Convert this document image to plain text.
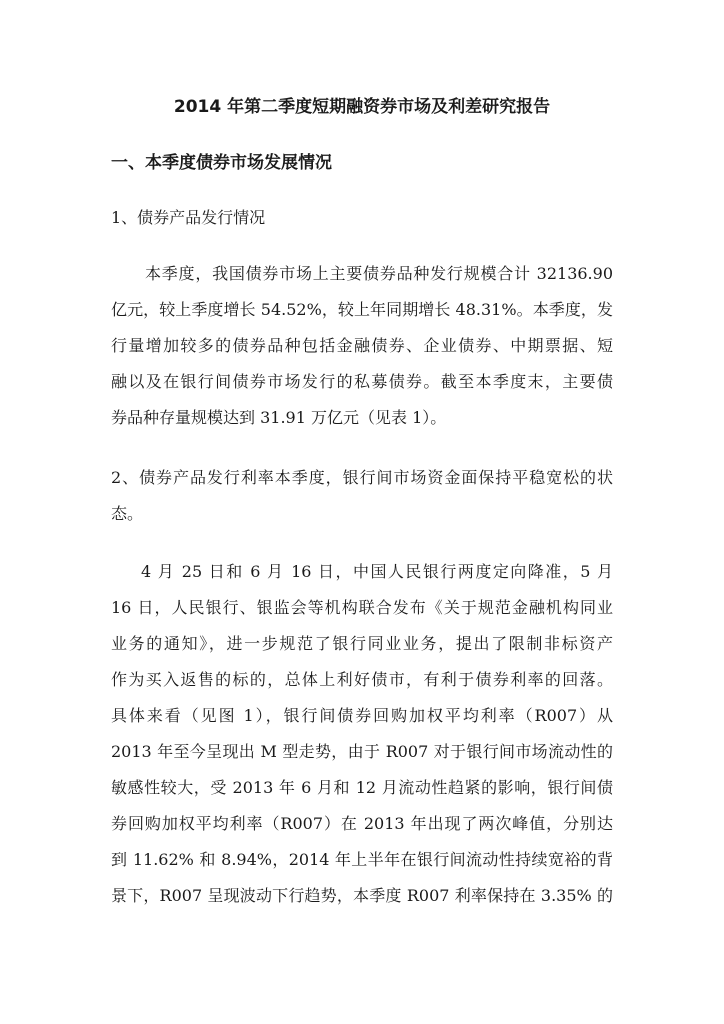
2014 年第二季度短期融资券市场及利差研究报告
一、本季度债券市场发展情况
1、债券产品发行情况
本季度，我国债券市场上主要债券品种发行规模合计 32136.90
亿元，较上季度增长 54.52%，较上年同期增长 48.31%。本季度，发
行量增加较多的债券品种包括金融债券、企业债券、中期票据、短
融以及在银行间债券市场发行的私募债券。截至本季度末，主要债
券品种存量规模达到 31.91 万亿元（见表 1）。
2、债券产品发行利率本季度，银行间市场资金面保持平稳宽松的状
态。
4 月 25 日和 6 月 16 日，中国人民银行两度定向降准，5 月
16 日，人民银行、银监会等机构联合发布《关于规范金融机构同业
业务的通知》，进一步规范了银行同业业务，提出了限制非标资产
作为买入返售的标的，总体上利好债市，有利于债券利率的回落。
具体来看（见图 1），银行间债券回购加权平均利率（R007）从
2013 年至今呈现出 M 型走势，由于 R007 对于银行间市场流动性的
敏感性较大，受 2013 年 6 月和 12 月流动性趋紧的影响，银行间债
券回购加权平均利率（R007）在 2013 年出现了两次峰值，分别达
到 11.62% 和 8.94%，2014 年上半年在银行间流动性持续宽裕的背
景下，R007 呈现波动下行趋势，本季度 R007 利率保持在 3.35% 的
